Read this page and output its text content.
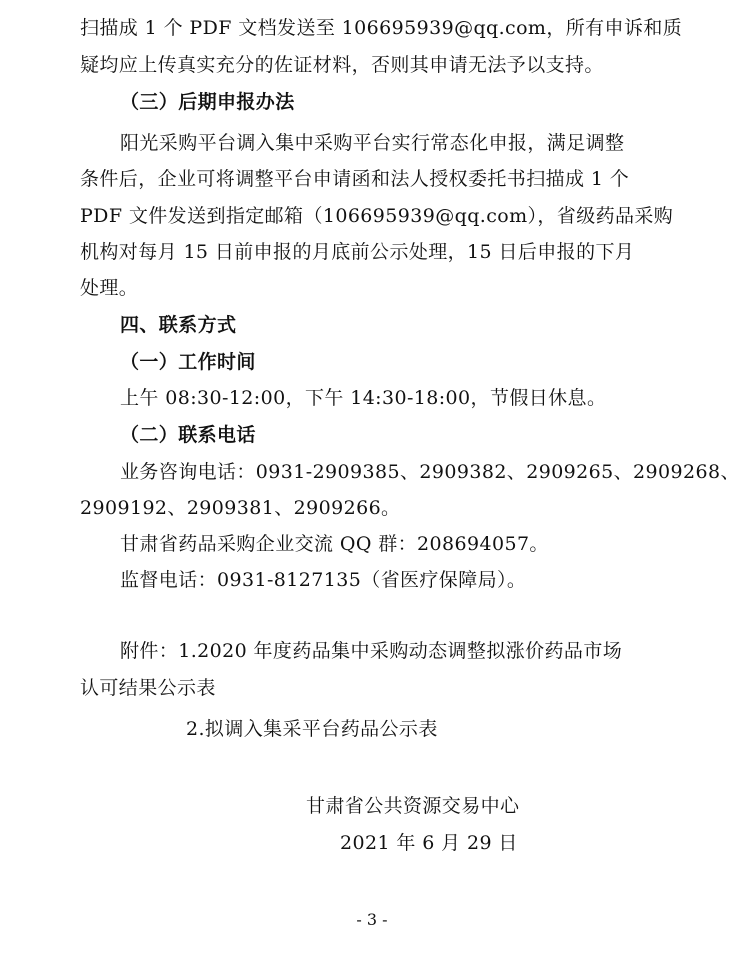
扫描成 1 个 PDF 文档发送至 106695939@qq.com，所有申诉和质
疑均应上传真实充分的佐证材料，否则其申请无法予以支持。
（三）后期申报办法
阳光采购平台调入集中采购平台实行常态化申报，满足调整
条件后，企业可将调整平台申请函和法人授权委托书扫描成 1 个
PDF 文件发送到指定邮箱（106695939@qq.com），省级药品采购
机构对每月 15 日前申报的月底前公示处理，15 日后申报的下月
处理。
四、联系方式
（一）工作时间
上午 08:30-12:00，下午 14:30-18:00，节假日休息。
（二）联系电话
业务咨询电话：0931-2909385、2909382、2909265、2909268、
2909192、2909381、2909266。
甘肃省药品采购企业交流 QQ 群：208694057。
监督电话：0931-8127135（省医疗保障局）。
附件：1.2020 年度药品集中采购动态调整拟涨价药品市场
认可结果公示表
2.拟调入集采平台药品公示表
甘肃省公共资源交易中心
2021 年 6 月 29 日
- 3 -
